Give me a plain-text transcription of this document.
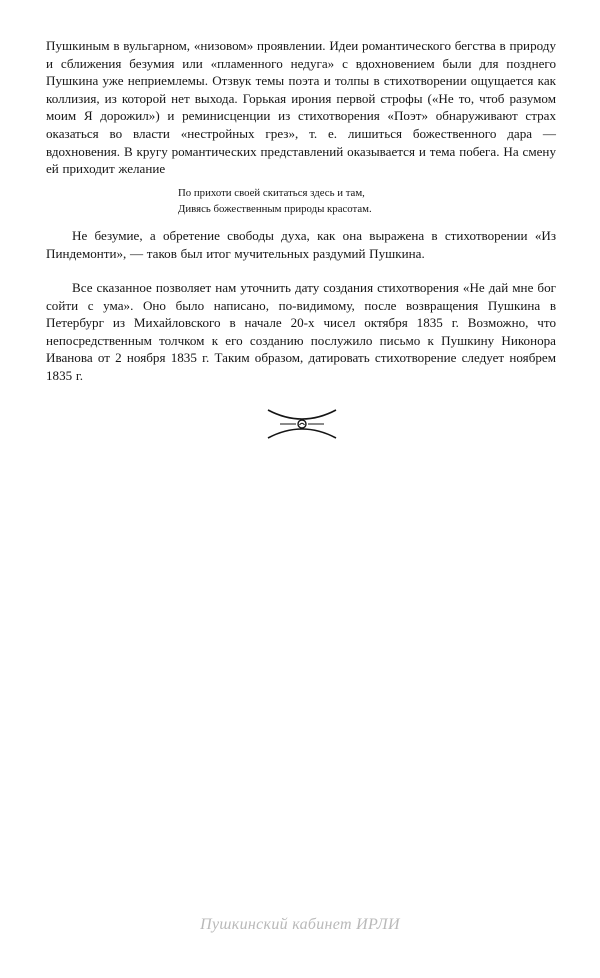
Пушкиным в вульгарном, «низовом» проявлении. Идеи романтического бегства в природу и сближения безумия или «пламенного недуга» с вдохновением были для позднего Пушкина уже неприемлемы. Отзвук темы поэта и толпы в стихотворении ощущается как коллизия, из которой нет выхода. Горькая ирония первой строфы («Не то, чтоб разумом моим Я дорожил») и реминисценции из стихотворения «Поэт» обнаруживают страх оказаться во власти «нестройных грез», т. е. лишиться божественного дара — вдохновения. В кругу романтических представлений оказывается и тема побега. На смену ей приходит желание

По прихоти своей скитаться здесь и там,
Дивясь божественным природы красотам.

Не безумие, а обретение свободы духа, как она выражена в стихотворении «Из Пиндемонти», — таков был итог мучительных раздумий Пушкина.

Все сказанное позволяет нам уточнить дату создания стихотворения «Не дай мне бог сойти с ума». Оно было написано, по-видимому, после возвращения Пушкина в Петербург из Михайловского в начале 20-х чисел октября 1835 г. Возможно, что непосредственным толчком к его созданию послужило письмо к Пушкину Никонора Иванова от 2 ноября 1835 г. Таким образом, датировать стихотворение следует ноябрем 1835 г.

Пушкинский кабинет ИРЛИ
